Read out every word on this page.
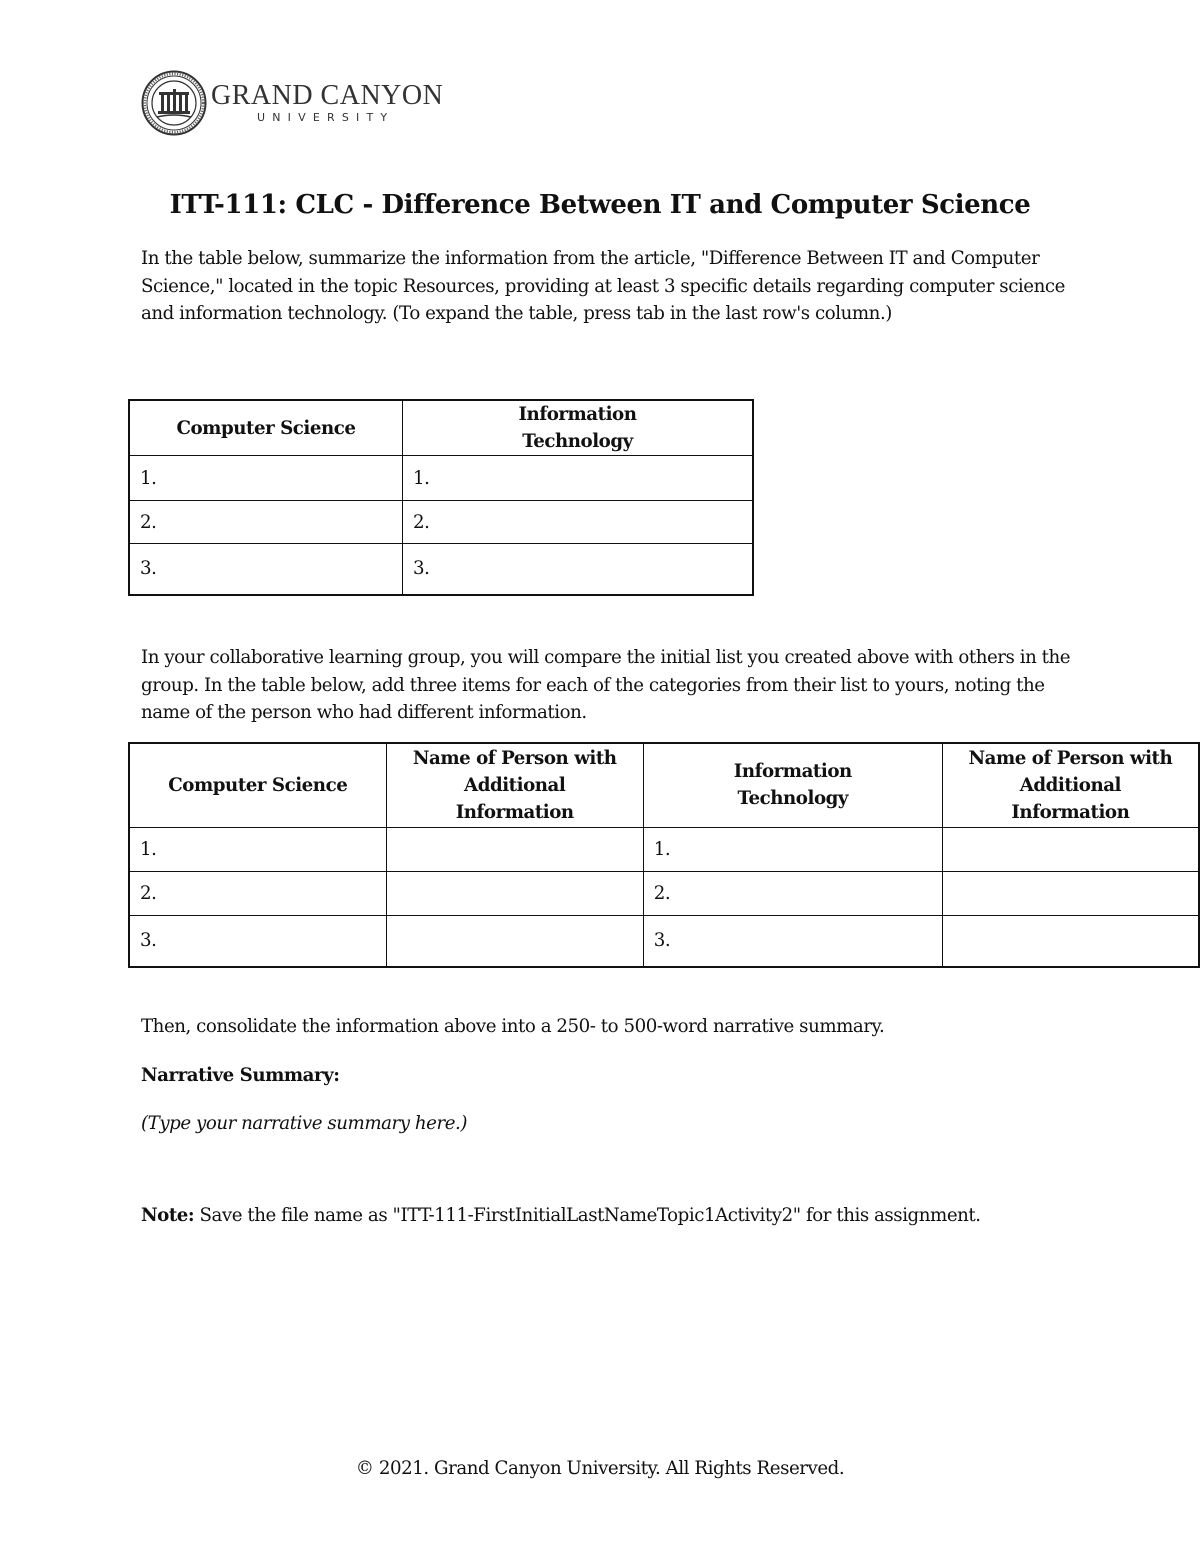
GRAND CANYON
UNIVERSITY
ITT-111: CLC - Difference Between IT and Computer Science

In the table below, summarize the information from the article, "Difference Between IT and Computer Science," located in the topic Resources, providing at least 3 specific details regarding computer science and information technology. (To expand the table, press tab in the last row's column.)

Computer Science	Information Technology
1.	1.
2.	2.
3.	3.

In your collaborative learning group, you will compare the initial list you created above with others in the group. In the table below, add three items for each of the categories from their list to yours, noting the name of the person who had different information.

Computer Science	Name of Person with Additional Information	Information Technology	Name of Person with Additional Information
1.		1.	
2.		2.	
3.		3.	

Then, consolidate the information above into a 250- to 500-word narrative summary.

Narrative Summary:

(Type your narrative summary here.)

Note: Save the file name as "ITT-111-FirstInitialLastNameTopic1Activity2" for this assignment.

© 2021. Grand Canyon University. All Rights Reserved.
